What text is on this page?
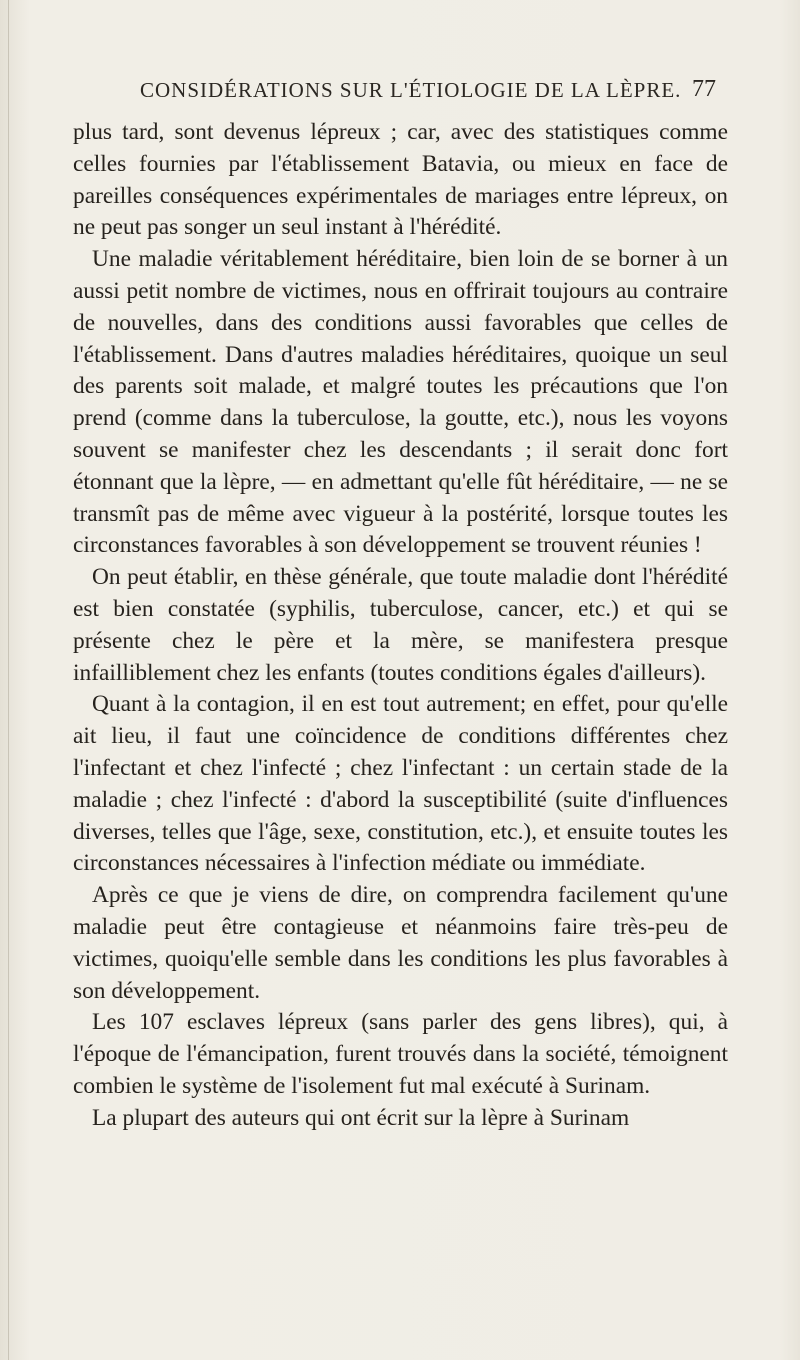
CONSIDÉRATIONS SUR L'ÉTIOLOGIE DE LA LÈPRE. 77

plus tard, sont devenus lépreux ; car, avec des statistiques comme celles fournies par l'établissement Batavia, ou mieux en face de pareilles conséquences expérimentales de mariages entre lépreux, on ne peut pas songer un seul instant à l'hérédité.

Une maladie véritablement héréditaire, bien loin de se borner à un aussi petit nombre de victimes, nous en offrirait toujours au contraire de nouvelles, dans des conditions aussi favorables que celles de l'établissement. Dans d'autres maladies héréditaires, quoique un seul des parents soit malade, et malgré toutes les précautions que l'on prend (comme dans la tuberculose, la goutte, etc.), nous les voyons souvent se manifester chez les descendants ; il serait donc fort étonnant que la lèpre, — en admettant qu'elle fût héréditaire, — ne se transmît pas de même avec vigueur à la postérité, lorsque toutes les circonstances favorables à son développement se trouvent réunies !

On peut établir, en thèse générale, que toute maladie dont l'hérédité est bien constatée (syphilis, tuberculose, cancer, etc.) et qui se présente chez le père et la mère, se manifestera presque infailliblement chez les enfants (toutes conditions égales d'ailleurs).

Quant à la contagion, il en est tout autrement; en effet, pour qu'elle ait lieu, il faut une coïncidence de conditions différentes chez l'infectant et chez l'infecté ; chez l'infectant : un certain stade de la maladie ; chez l'infecté : d'abord la susceptibilité (suite d'influences diverses, telles que l'âge, sexe, constitution, etc.), et ensuite toutes les circonstances nécessaires à l'infection médiate ou immédiate.

Après ce que je viens de dire, on comprendra facilement qu'une maladie peut être contagieuse et néanmoins faire très-peu de victimes, quoiqu'elle semble dans les conditions les plus favorables à son développement.

Les 107 esclaves lépreux (sans parler des gens libres), qui, à l'époque de l'émancipation, furent trouvés dans la société, témoignent combien le système de l'isolement fut mal exécuté à Surinam.

La plupart des auteurs qui ont écrit sur la lèpre à Surinam
